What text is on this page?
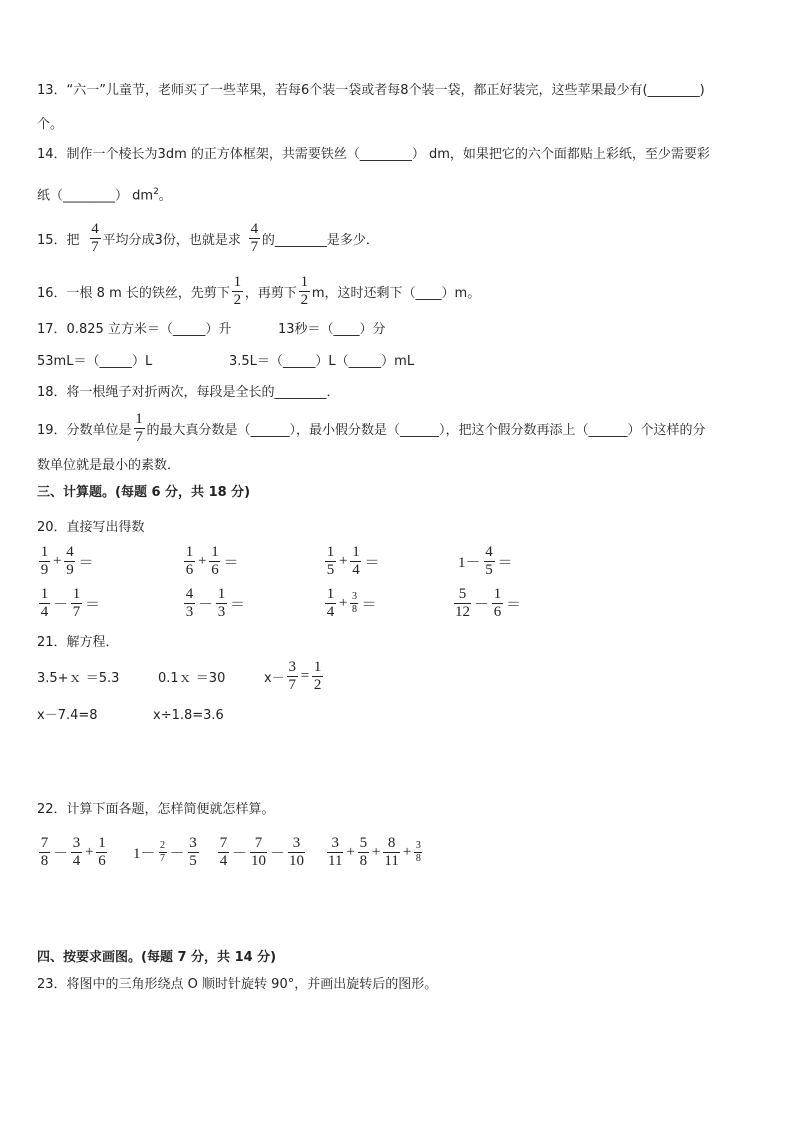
13．“六一”儿童节，老师买了一些苹果，若每6个装一袋或者每8个装一袋，都正好装完，这些苹果最少有(________)
个。
14．制作一个棱长为3dm 的正方体框架，共需要铁丝（________） dm，如果把它的六个面都贴上彩纸，至少需要彩
纸（________） $dm^2$。
15．把 $\frac{4}{7}$ 平均分成3份，也就是求 $\frac{4}{7}$ 的________是多少．
16．一根 8 m 长的铁丝，先剪下 $\frac{1}{2}$ ，再剪下 $\frac{1}{2}$ m，这时还剩下（____）m。
17．0.825 立方米＝（_____）升	13秒＝（____）分
53mL＝（_____）L	3.5L＝（_____）L（_____）mL
18．将一根绳子对折两次，每段是全长的________．
19．分数单位是 $\frac{1}{7}$ 的最大真分数是（______），最小假分数是（______），把这个假分数再添上（______）个这样的分
数单位就是最小的素数．
三、计算题。(每题 6 分，共 18 分)
20．直接写出得数
$\frac{1}{9} + \frac{4}{9}$ ＝	$\frac{1}{6} + \frac{1}{6}$ ＝	$\frac{1}{5} + \frac{1}{4}$ ＝	$1- \frac{4}{5}$ ＝
$\frac{1}{4} - \frac{1}{7}$ ＝	$\frac{4}{3} - \frac{1}{3}$ ＝	$\frac{1}{4} + \frac{3}{8}$ ＝	$\frac{5}{12} - \frac{1}{6}$ ＝
21．解方程．
3.5+ｘ ＝5.3	0.1ｘ ＝30	$x- \frac{3}{7} = \frac{1}{2}$
x－7.4=8	x÷1.8=3.6
22．计算下面各题，怎样简便就怎样算。
$\frac{7}{8} - \frac{3}{4} + \frac{1}{6} 1- \frac{2}{7} - \frac{3}{5} \frac{7}{4} - \frac{7}{10} - \frac{3}{10} \frac{3}{11} + \frac{5}{8} + \frac{8}{11} + \frac{3}{8}$
四、按要求画图。(每题 7 分，共 14 分)
23．将图中的三角形绕点 O 顺时针旋转 90°，并画出旋转后的图形。
